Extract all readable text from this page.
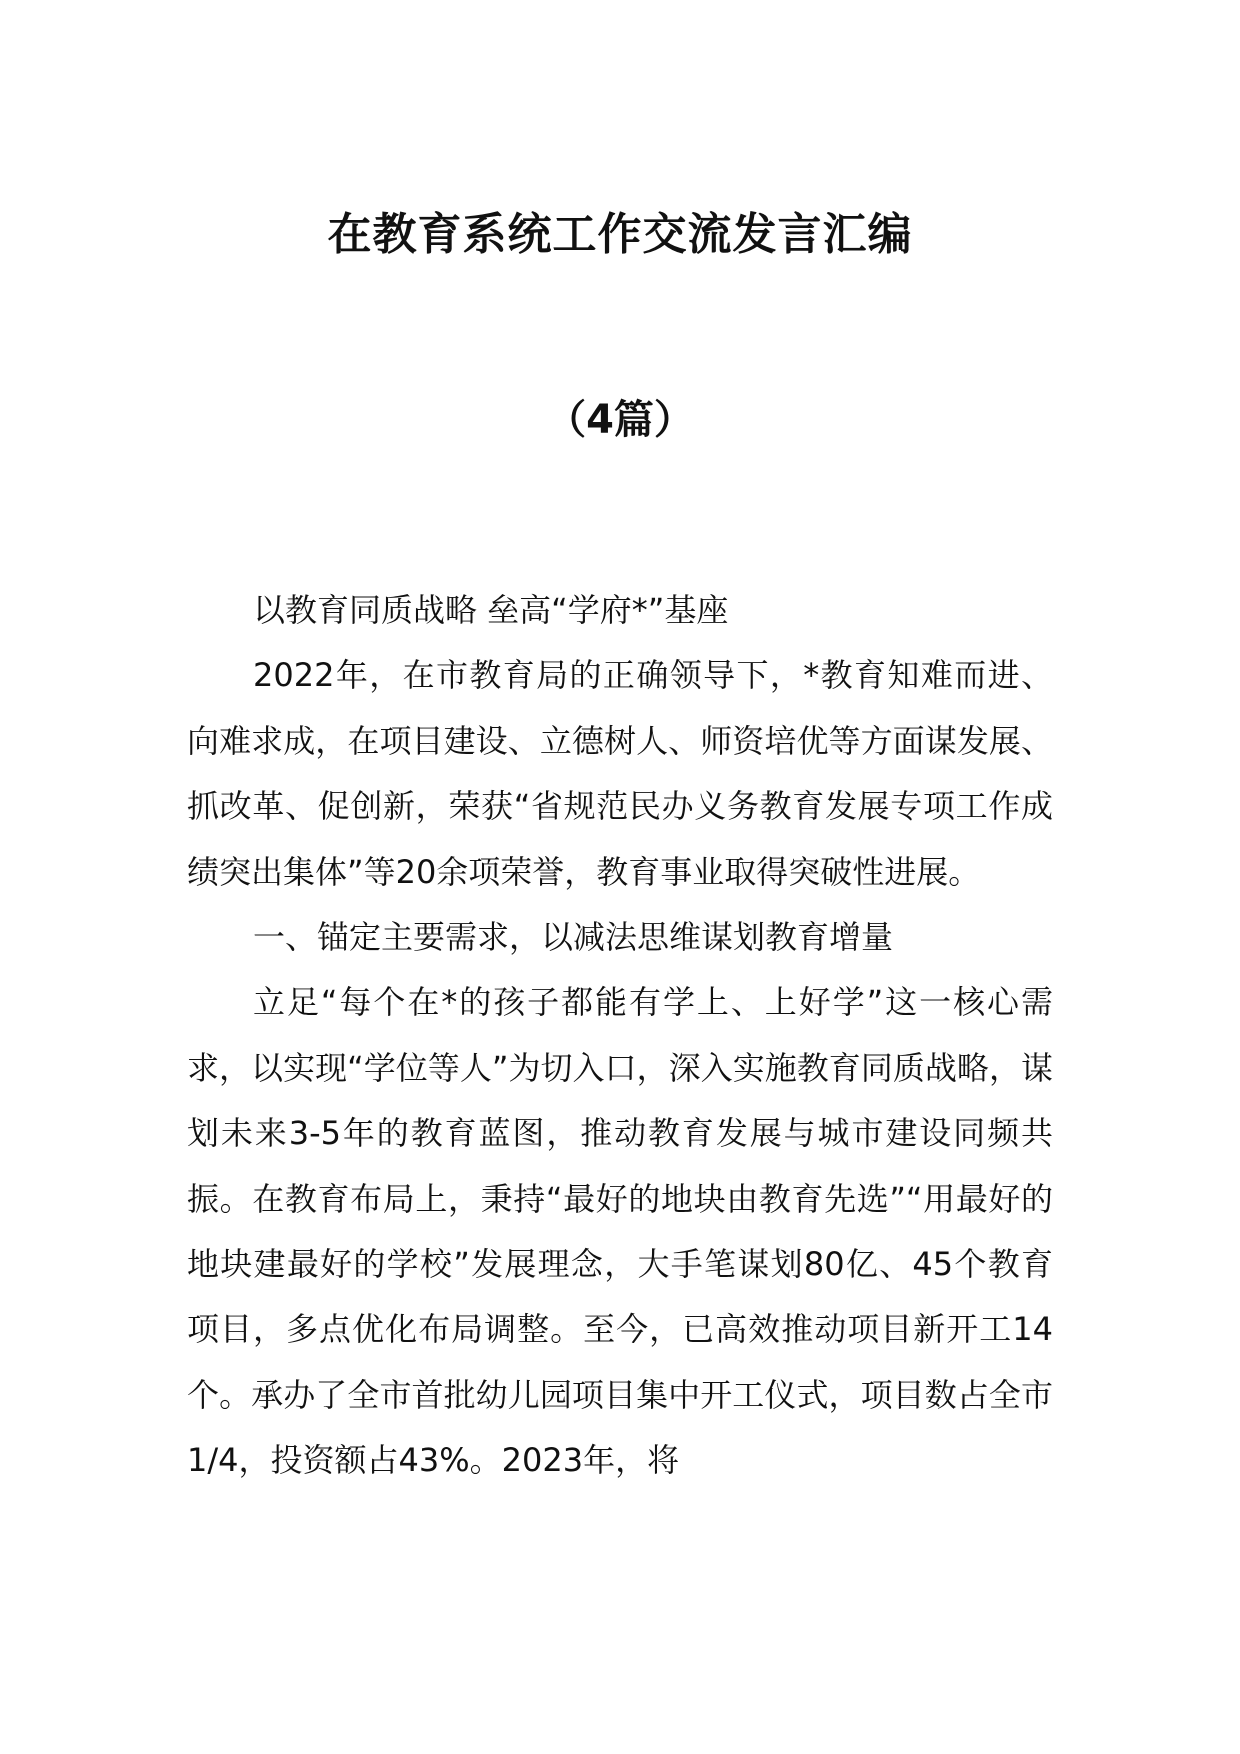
在教育系统工作交流发言汇编
（4篇）

以教育同质战略 垒高“学府*”基座

2022年，在市教育局的正确领导下，*教育知难而进、向难求成，在项目建设、立德树人、师资培优等方面谋发展、抓改革、促创新，荣获“省规范民办义务教育发展专项工作成绩突出集体”等20余项荣誉，教育事业取得突破性进展。

一、锚定主要需求，以减法思维谋划教育增量

立足“每个在*的孩子都能有学上、上好学”这一核心需求，以实现“学位等人”为切入口，深入实施教育同质战略，谋划未来3-5年的教育蓝图，推动教育发展与城市建设同频共振。在教育布局上，秉持“最好的地块由教育先选”“用最好的地块建最好的学校”发展理念，大手笔谋划80亿、45个教育项目，多点优化布局调整。至今，已高效推动项目新开工14个。承办了全市首批幼儿园项目集中开工仪式，项目数占全市1/4，投资额占43%。2023年，将
